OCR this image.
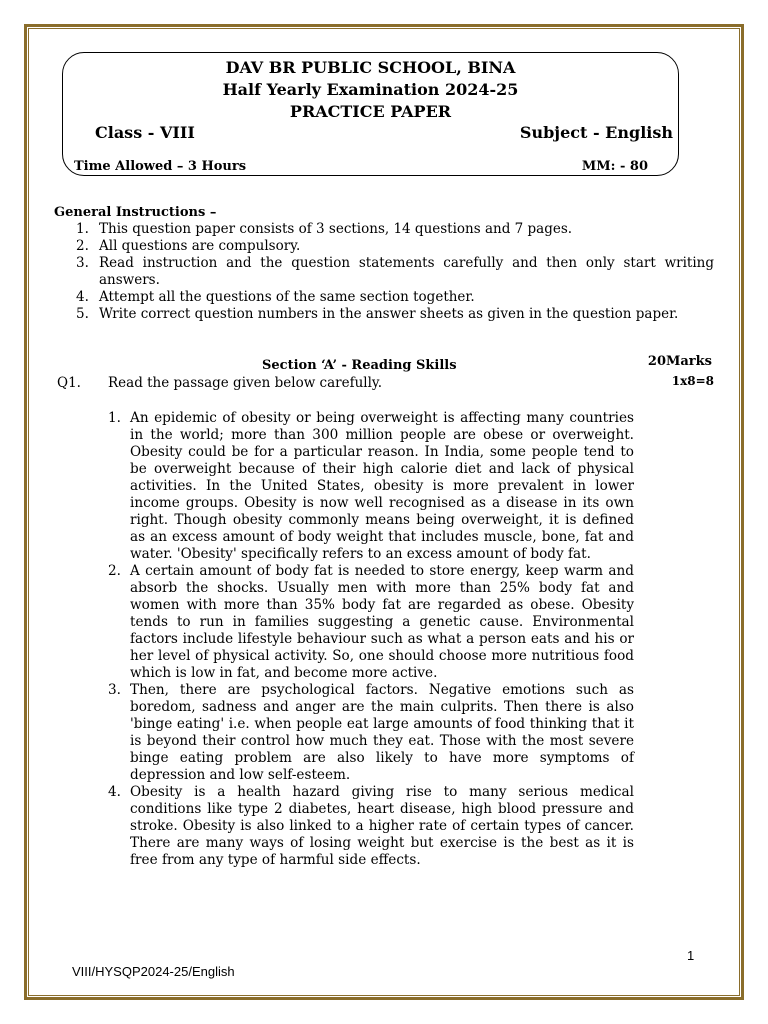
DAV BR PUBLIC SCHOOL, BINA
Half Yearly Examination 2024-25
PRACTICE PAPER
Class - VIII	Subject - English
Time Allowed – 3 Hours	MM: - 80
General Instructions –
1. This question paper consists of 3 sections, 14 questions and 7 pages.
2. All questions are compulsory.
3. Read instruction and the question statements carefully and then only start writing answers.
4. Attempt all the questions of the same section together.
5. Write correct question numbers in the answer sheets as given in the question paper.
Section ‘A’ - Reading Skills	20Marks
Q1. Read the passage given below carefully.	1x8=8
1. An epidemic of obesity or being overweight is affecting many countries in the world; more than 300 million people are obese or overweight. Obesity could be for a particular reason. In India, some people tend to be overweight because of their high calorie diet and lack of physical activities. In the United States, obesity is more prevalent in lower income groups. Obesity is now well recognised as a disease in its own right. Though obesity commonly means being overweight, it is defined as an excess amount of body weight that includes muscle, bone, fat and water. 'Obesity' specifically refers to an excess amount of body fat.
2. A certain amount of body fat is needed to store energy, keep warm and absorb the shocks. Usually men with more than 25% body fat and women with more than 35% body fat are regarded as obese. Obesity tends to run in families suggesting a genetic cause. Environmental factors include lifestyle behaviour such as what a person eats and his or her level of physical activity. So, one should choose more nutritious food which is low in fat, and become more active.
3. Then, there are psychological factors. Negative emotions such as boredom, sadness and anger are the main culprits. Then there is also 'binge eating' i.e. when people eat large amounts of food thinking that it is beyond their control how much they eat. Those with the most severe binge eating problem are also likely to have more symptoms of depression and low self-esteem.
4. Obesity is a health hazard giving rise to many serious medical conditions like type 2 diabetes, heart disease, high blood pressure and stroke. Obesity is also linked to a higher rate of certain types of cancer. There are many ways of losing weight but exercise is the best as it is free from any type of harmful side effects.
1
VIII/HYSQP2024-25/English
